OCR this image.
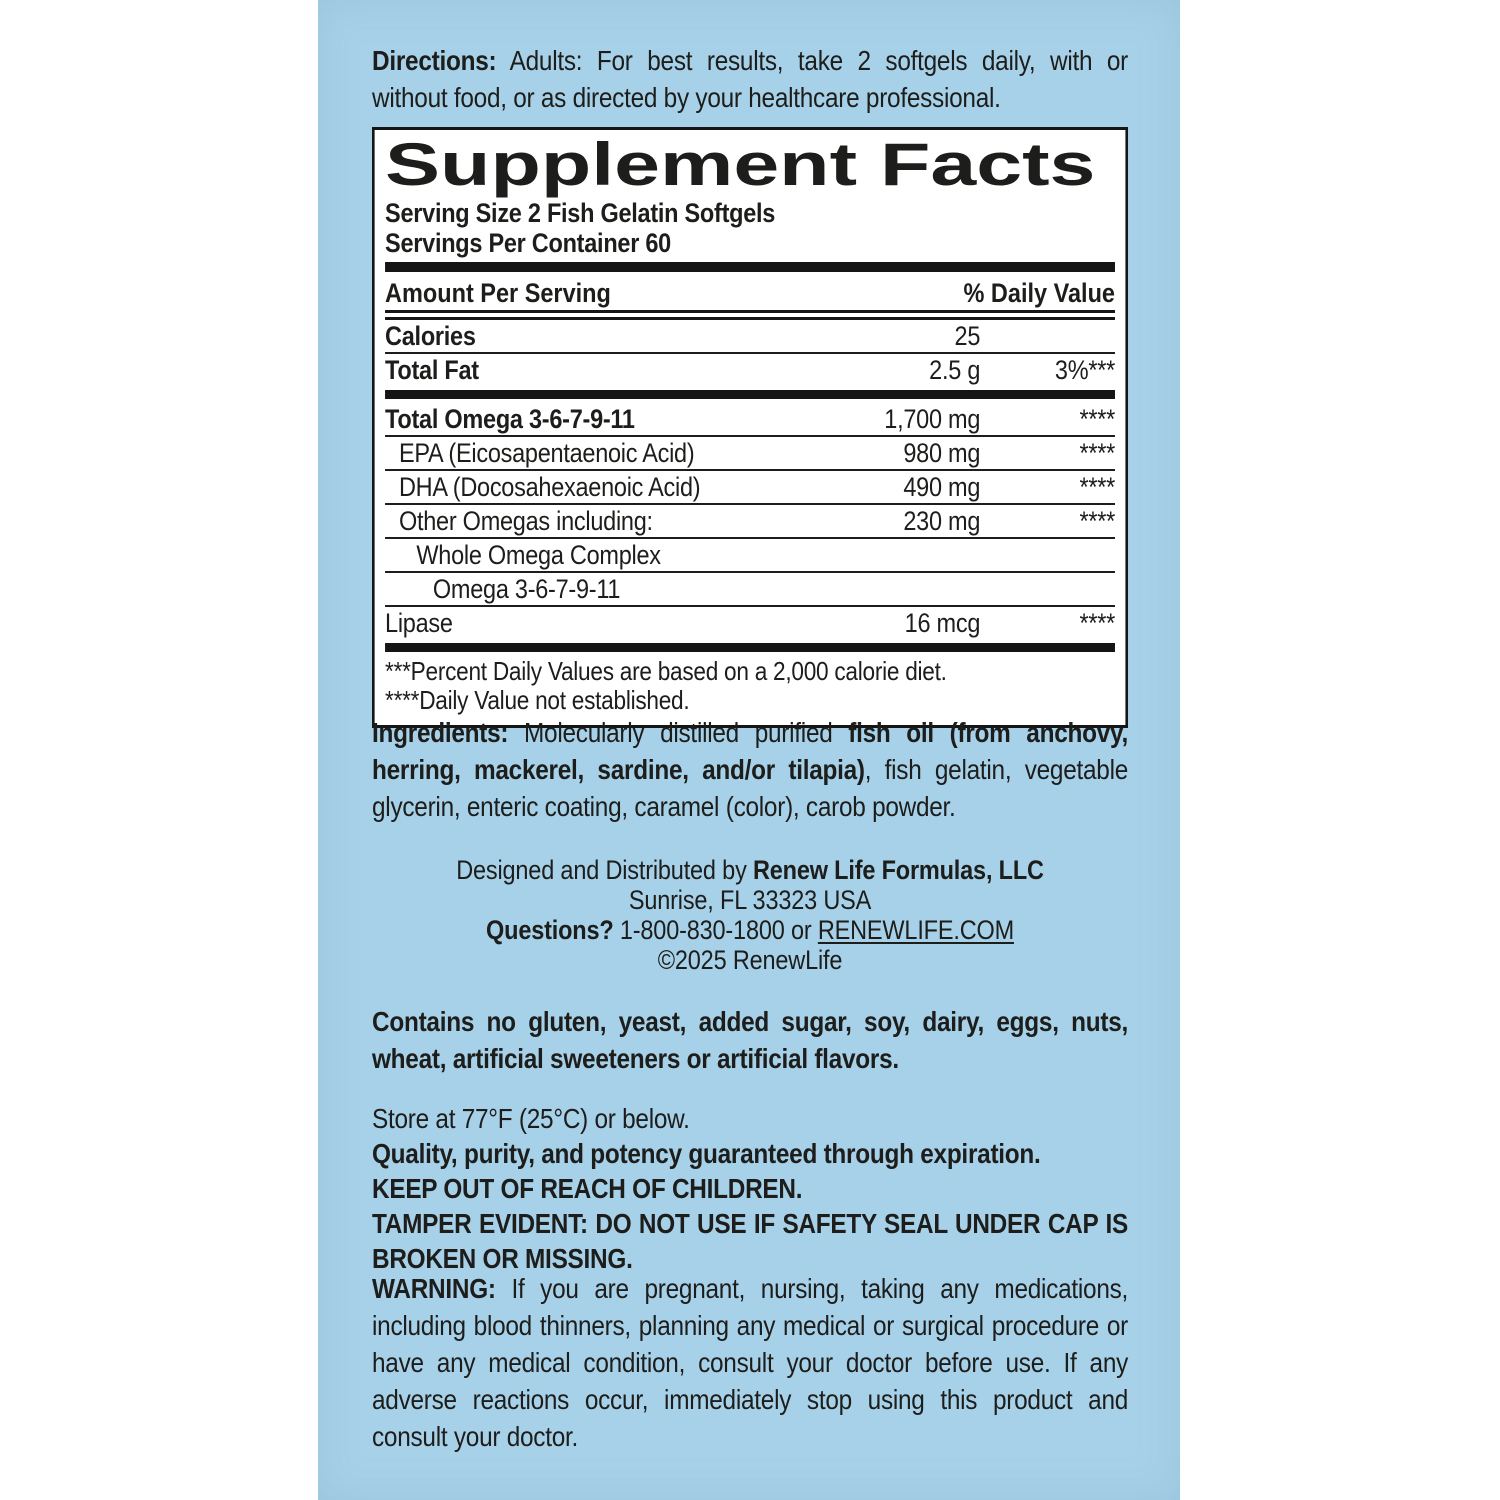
Directions: Adults: For best results, take 2 softgels daily, with or without food, or as directed by your healthcare professional.
Supplement Facts
Serving Size 2 Fish Gelatin Softgels
Servings Per Container 60
Amount Per Serving	% Daily Value
Calories	25
Total Fat	2.5 g	3%***
Total Omega 3-6-7-9-11	1,700 mg	****
EPA (Eicosapentaenoic Acid)	980 mg	****
DHA (Docosahexaenoic Acid)	490 mg	****
Other Omegas including:	230 mg	****
Whole Omega Complex
Omega 3-6-7-9-11
Lipase	16 mcg	****
***Percent Daily Values are based on a 2,000 calorie diet.
****Daily Value not established.
Ingredients: Molecularly distilled purified fish oil (from anchovy, herring, mackerel, sardine, and/or tilapia), fish gelatin, vegetable glycerin, enteric coating, caramel (color), carob powder.
Designed and Distributed by Renew Life Formulas, LLC
Sunrise, FL 33323 USA
Questions? 1-800-830-1800 or RENEWLIFE.COM
©2025 RenewLife
Contains no gluten, yeast, added sugar, soy, dairy, eggs, nuts, wheat, artificial sweeteners or artificial flavors.
Store at 77°F (25°C) or below.
Quality, purity, and potency guaranteed through expiration.
KEEP OUT OF REACH OF CHILDREN.
TAMPER EVIDENT: DO NOT USE IF SAFETY SEAL UNDER CAP IS BROKEN OR MISSING.
WARNING: If you are pregnant, nursing, taking any medications, including blood thinners, planning any medical or surgical procedure or have any medical condition, consult your doctor before use. If any adverse reactions occur, immediately stop using this product and consult your doctor.
